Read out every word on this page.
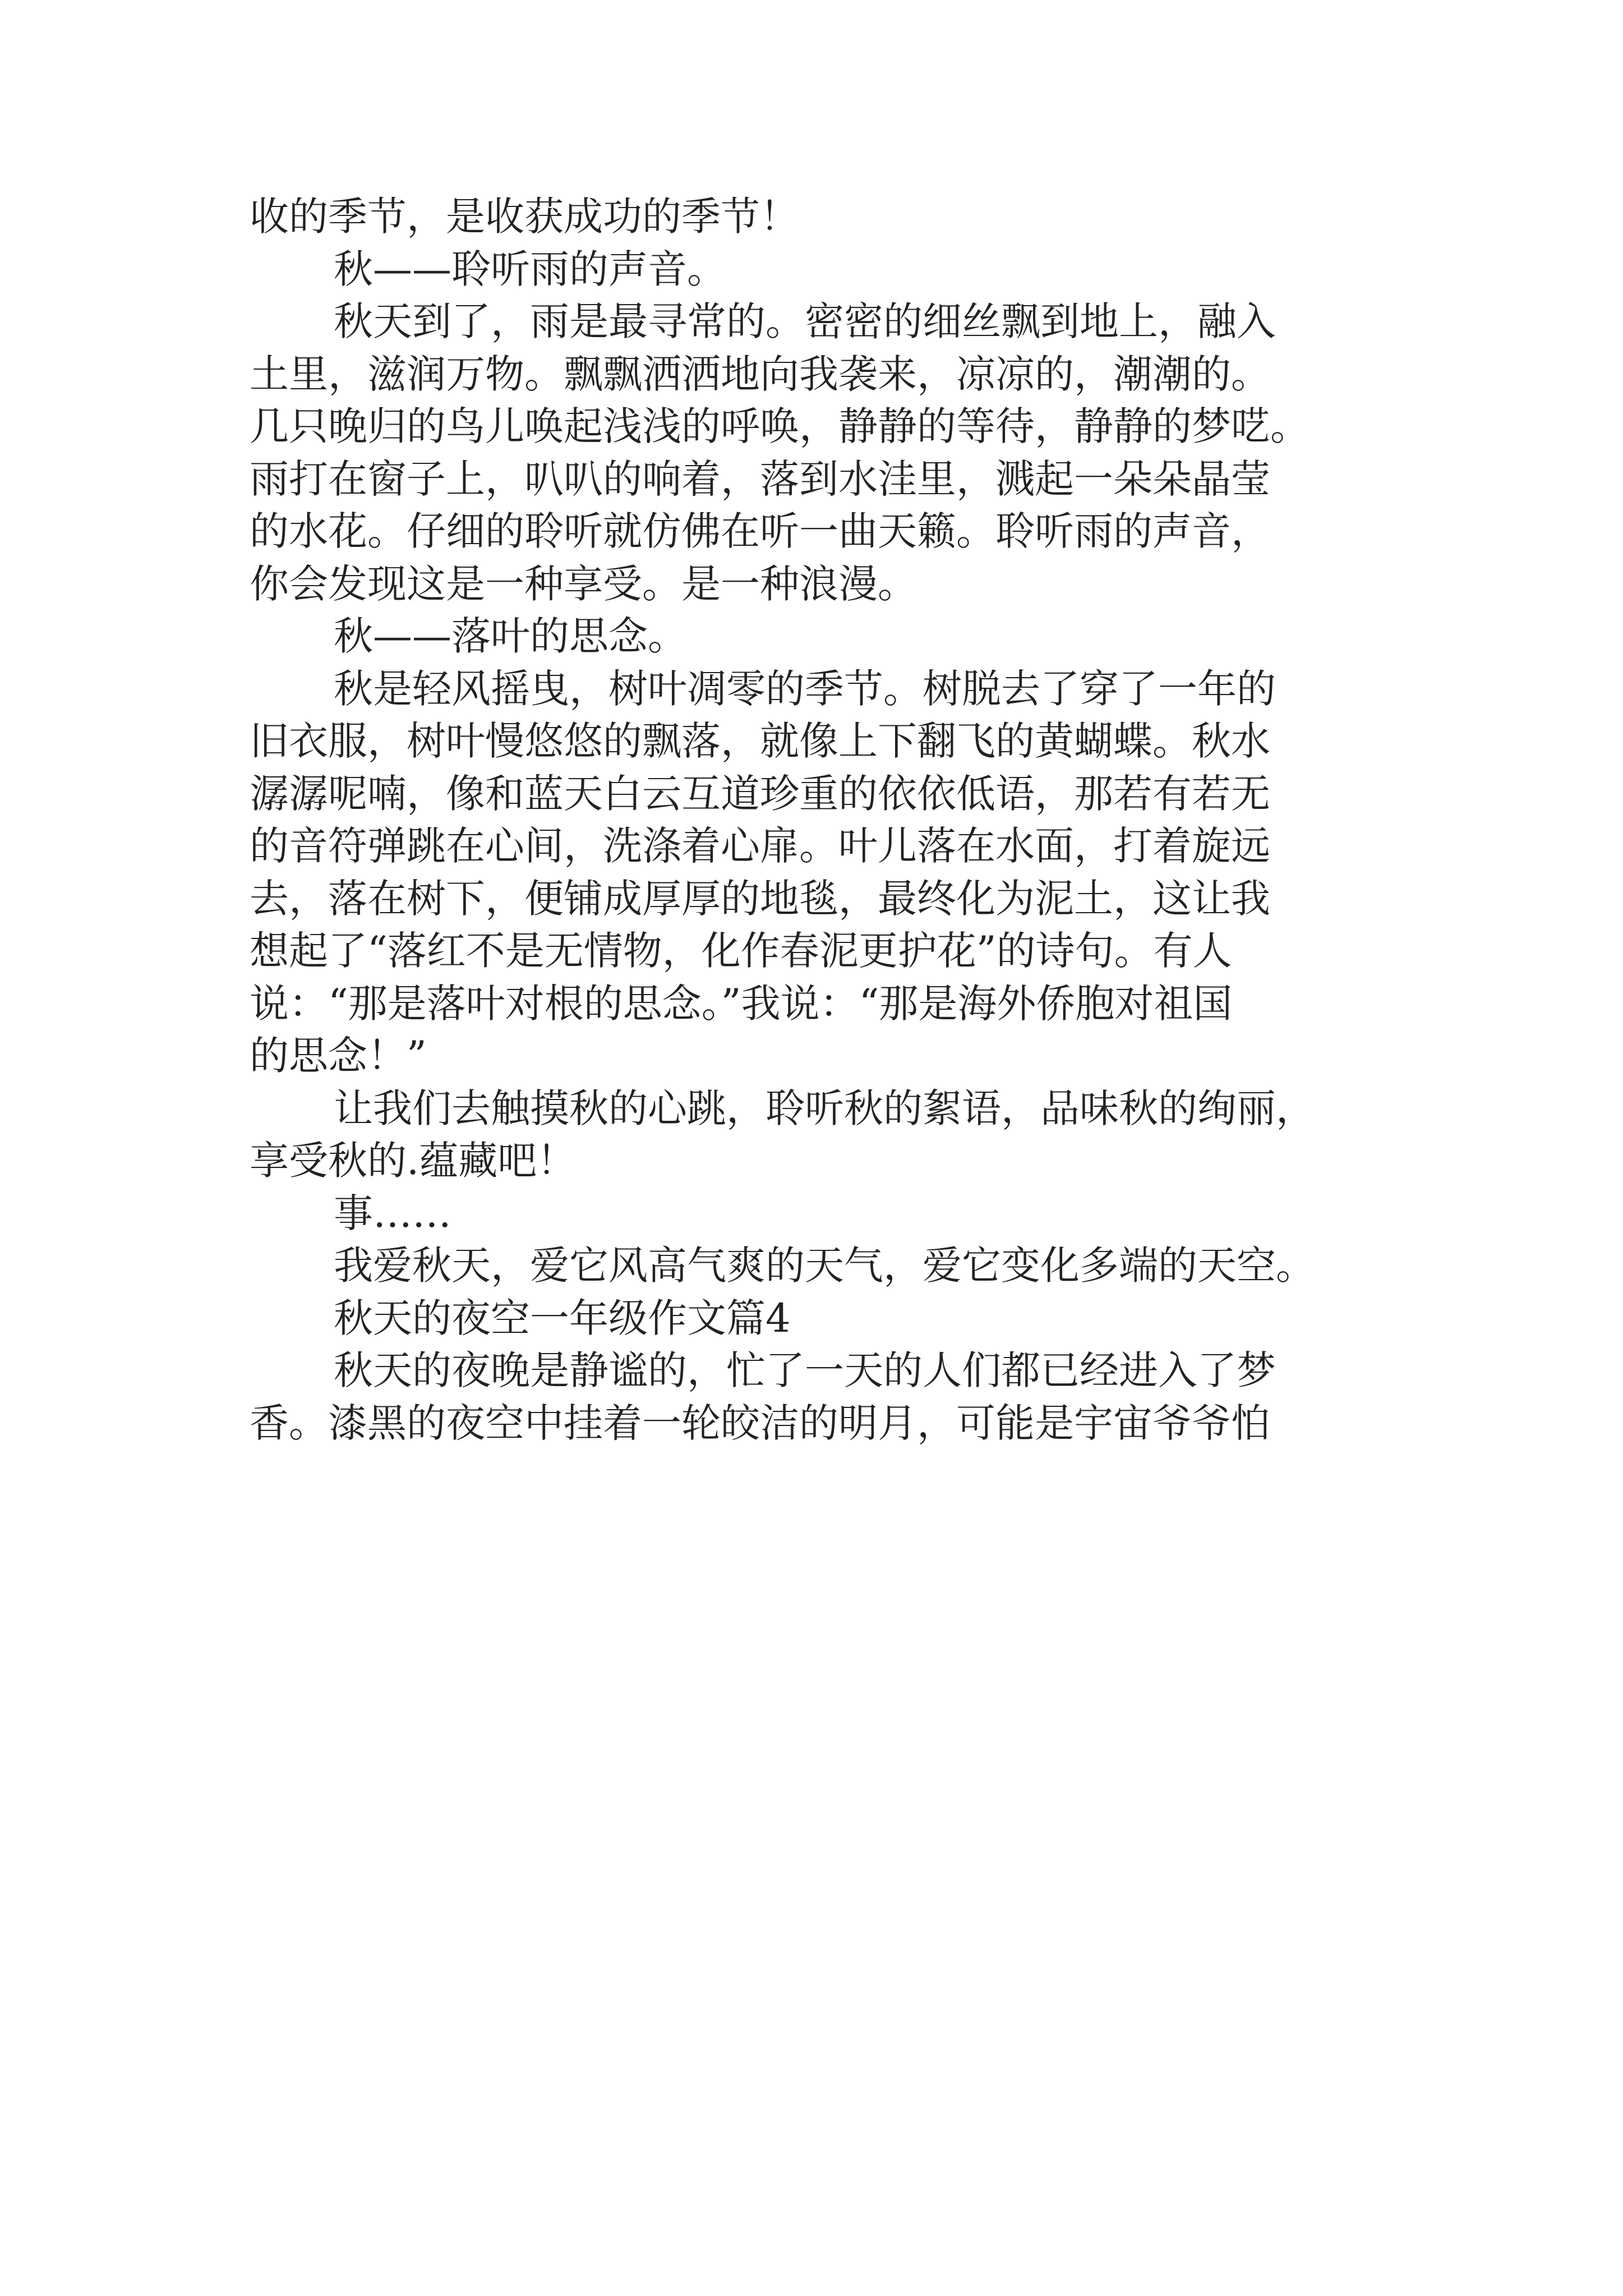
收的季节，是收获成功的季节！
秋——聆听雨的声音。
秋天到了，雨是最寻常的。密密的细丝飘到地上，融入
土里，滋润万物。飘飘洒洒地向我袭来，凉凉的，潮潮的。
几只晚归的鸟儿唤起浅浅的呼唤，静静的等待，静静的梦呓。
雨打在窗子上，叭叭的响着，落到水洼里，溅起一朵朵晶莹
的水花。仔细的聆听就仿佛在听一曲天籁。聆听雨的声音，
你会发现这是一种享受。是一种浪漫。
秋——落叶的思念。
秋是轻风摇曳，树叶凋零的季节。树脱去了穿了一年的
旧衣服，树叶慢悠悠的飘落，就像上下翻飞的黄蝴蝶。秋水
潺潺呢喃，像和蓝天白云互道珍重的依依低语，那若有若无
的音符弹跳在心间，洗涤着心扉。叶儿落在水面，打着旋远
去，落在树下，便铺成厚厚的地毯，最终化为泥土，这让我
想起了“落红不是无情物，化作春泥更护花”的诗句。有人
说：“那是落叶对根的思念。”我说：“那是海外侨胞对祖国
的思念！”
让我们去触摸秋的心跳，聆听秋的絮语，品味秋的绚丽，
享受秋的.蕴藏吧！
事……
我爱秋天，爱它风高气爽的天气，爱它变化多端的天空。
秋天的夜空一年级作文篇4
秋天的夜晚是静谧的，忙了一天的人们都已经进入了梦
香。漆黑的夜空中挂着一轮皎洁的明月，可能是宇宙爷爷怕
